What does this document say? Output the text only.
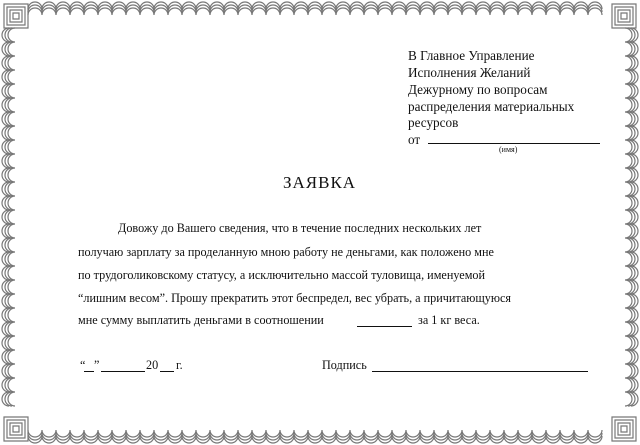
В Главное Управление
Исполнения Желаний
Дежурному по вопросам
распределения материальных
ресурсов
от
(имя)
ЗАЯВКА
Довожу до Вашего сведения, что в течение последних нескольких лет
получаю зарплату за проделанную мною работу не деньгами, как положено мне
по трудоголиковскому статусу, а исключительно массой туловища, именуемой
“лишним весом”. Прошу прекратить этот беспредел, вес убрать, а причитающуюся
мне сумму выплатить деньгами в соотношении	за 1 кг веса.
“ ”	20 г.	Подпись
